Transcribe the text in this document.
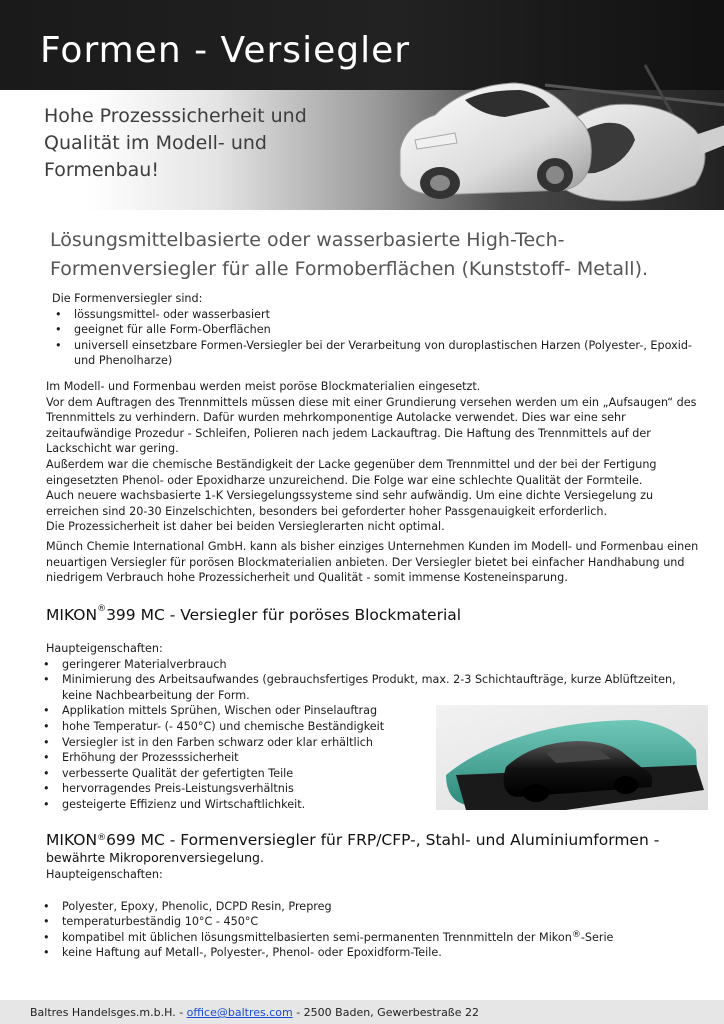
Formen - Versiegler
Hohe Prozesssicherheit und Qualität im Modell- und Formenbau!
Lösungsmittelbasierte oder wasserbasierte High-Tech-Formenversiegler für alle Formoberflächen (Kunststoff- Metall).
Die Formenversiegler sind:
• lössungsmittel- oder wasserbasiert
• geeignet für alle Form-Oberflächen
• universell einsetzbare Formen-Versiegler bei der Verarbeitung von duroplastischen Harzen (Polyester-, Epoxid- und Phenolharze)
Im Modell- und Formenbau werden meist poröse Blockmaterialien eingesetzt.
Vor dem Auftragen des Trennmittels müssen diese mit einer Grundierung versehen werden um ein „Aufsaugen“ des Trennmittels zu verhindern. Dafür wurden mehrkomponentige Autolacke verwendet. Dies war eine sehr zeitaufwändige Prozedur - Schleifen, Polieren nach jedem Lackauftrag. Die Haftung des Trennmittels auf der Lackschicht war gering.
Außerdem war die chemische Beständigkeit der Lacke gegenüber dem Trennmittel und der bei der Fertigung eingesetzten Phenol- oder Epoxidharze unzureichend. Die Folge war eine schlechte Qualität der Formteile.
Auch neuere wachsbasierte 1-K Versiegelungssysteme sind sehr aufwändig. Um eine dichte Versiegelung zu erreichen sind 20-30 Einzelschichten, besonders bei geforderter hoher Passgenauigkeit erforderlich.
Die Prozessicherheit ist daher bei beiden Versieglerarten nicht optimal.
Münch Chemie International GmbH. kann als bisher einziges Unternehmen Kunden im Modell- und Formenbau einen neuartigen Versiegler für porösen Blockmaterialien anbieten. Der Versiegler bietet bei einfacher Handhabung und niedrigem Verbrauch hohe Prozessicherheit und Qualität - somit immense Kosteneinsparung.
MIKON®399 MC - Versiegler für poröses Blockmaterial
Haupteigenschaften:
• geringerer Materialverbrauch
• Minimierung des Arbeitsaufwandes (gebrauchsfertiges Produkt, max. 2-3 Schichtaufträge, kurze Ablüftzeiten, keine Nachbearbeitung der Form.
• Applikation mittels Sprühen, Wischen oder Pinselauftrag
• hohe Temperatur- (- 450°C) und chemische Beständigkeit
• Versiegler ist in den Farben schwarz oder klar erhältlich
• Erhöhung der Prozesssicherheit
• verbesserte Qualität der gefertigten Teile
• hervorragendes Preis-Leistungsverhältnis
• gesteigerte Effizienz und Wirtschaftlichkeit.
MIKON®699 MC - Formenversiegler für FRP/CFP-, Stahl- und Aluminiumformen -
bewährte Mikroporenversiegelung.
Haupteigenschaften:
• Polyester, Epoxy, Phenolic, DCPD Resin, Prepreg
• temperaturbeständig 10°C - 450°C
• kompatibel mit üblichen lösungsmittelbasierten semi-permanenten Trennmitteln der Mikon®-Serie
• keine Haftung auf Metall-, Polyester-, Phenol- oder Epoxidform-Teile.
Baltres Handelsges.m.b.H. - office@baltres.com - 2500 Baden, Gewerbestraße 22
